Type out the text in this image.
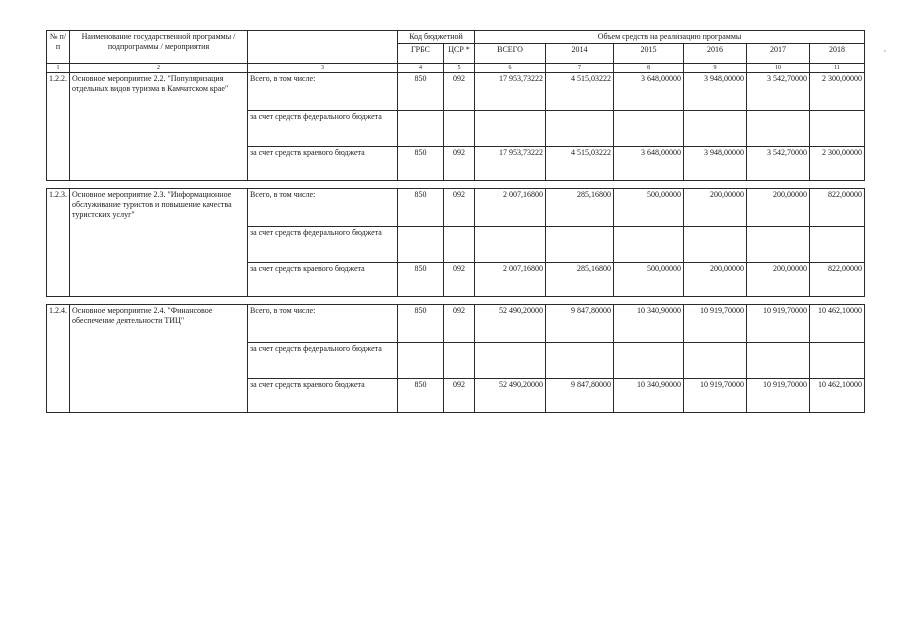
№ п/п	Наименование государственной программы / подпрограммы / мероприятия		Код бюджетной		Объем средств на реализацию программы					
			ГРБС	ЦСР *	ВСЕГО	2014	2015	2016	2017	2018
1	2	3	4	5	6	7	8	9	10	11
1.2.2.	Основное мероприятие 2.2. "Популяризация отдельных видов туризма в Камчатском крае"	Всего, в том числе:	850	092	17 953,73222	4 515,03222	3 648,00000	3 948,00000	3 542,70000	2 300,00000
		за счет средств федерального бюджета								
		за счет средств краевого бюджета	850	092	17 953,73222	4 515,03222	3 648,00000	3 948,00000	3 542,70000	2 300,00000

1.2.3.	Основное мероприятие 2.3. "Информационное обслуживание туристов и повышение качества туристских услуг"	Всего, в том числе:	850	092	2 007,16800	285,16800	500,00000	200,00000	200,00000	822,00000
		за счет средств федерального бюджета								
		за счет средств краевого бюджета	850	092	2 007,16800	285,16800	500,00000	200,00000	200,00000	822,00000

1.2.4.	Основное мероприятие 2.4. "Финансовое обеспечение деятельности ТИЦ"	Всего, в том числе:	850	092	52 490,20000	9 847,80000	10 340,90000	10 919,70000	10 919,70000	10 462,10000
		за счет средств федерального бюджета								
		за счет средств краевого бюджета	850	092	52 490,20000	9 847,80000	10 340,90000	10 919,70000	10 919,70000	10 462,10000
,
